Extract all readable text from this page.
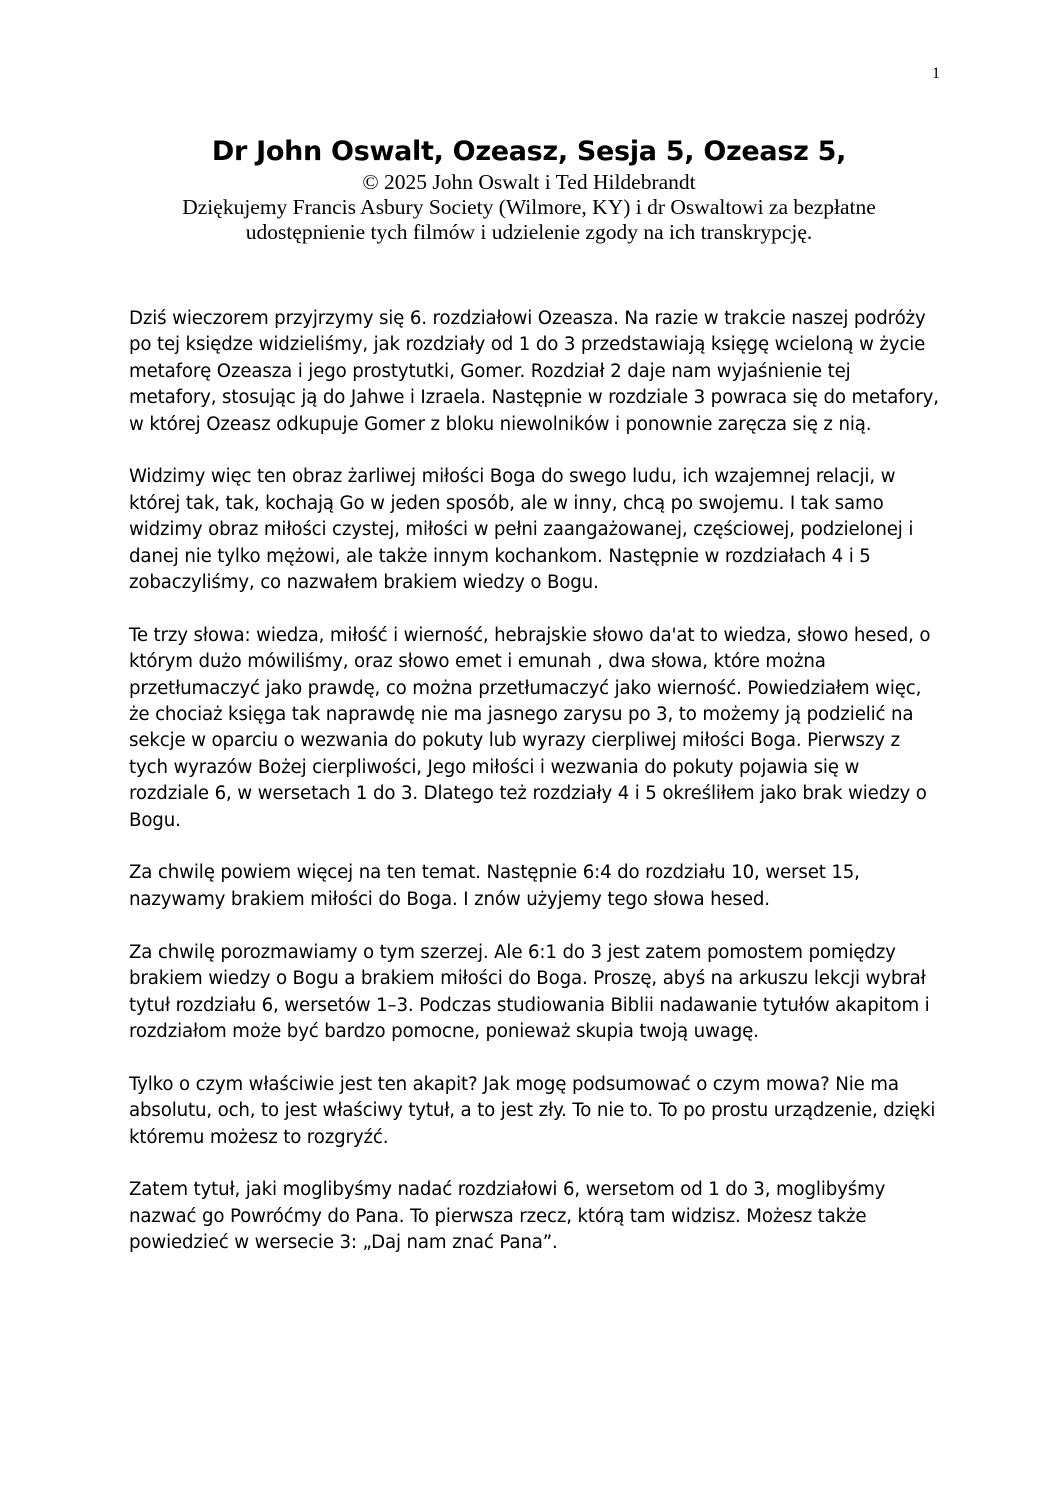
1
Dr John Oswalt, Ozeasz, Sesja 5, Ozeasz 5,

© 2025 John Oswalt i Ted Hildebrandt

Dziękujemy Francis Asbury Society (Wilmore, KY) i dr Oswaltowi za bezpłatne

udostępnienie tych filmów i udzielenie zgody na ich transkrypcję.

Dziś wieczorem przyjrzymy się 6. rozdziałowi Ozeasza. Na razie w trakcie naszej podróży po tej księdze widzieliśmy, jak rozdziały od 1 do 3 przedstawiają księgę wcieloną w życie metaforę Ozeasza i jego prostytutki, Gomer. Rozdział 2 daje nam wyjaśnienie tej metafory, stosując ją do Jahwe i Izraela. Następnie w rozdziale 3 powraca się do metafory, w której Ozeasz odkupuje Gomer z bloku niewolników i ponownie zaręcza się z nią.

Widzimy więc ten obraz żarliwej miłości Boga do swego ludu, ich wzajemnej relacji, w której tak, tak, kochają Go w jeden sposób, ale w inny, chcą po swojemu. I tak samo widzimy obraz miłości czystej, miłości w pełni zaangażowanej, częściowej, podzielonej i danej nie tylko mężowi, ale także innym kochankom. Następnie w rozdziałach 4 i 5 zobaczyliśmy, co nazwałem brakiem wiedzy o Bogu.

Te trzy słowa: wiedza, miłość i wierność, hebrajskie słowo da'at to wiedza, słowo hesed, o którym dużo mówiliśmy, oraz słowo emet i emunah , dwa słowa, które można przetłumaczyć jako prawdę, co można przetłumaczyć jako wierność. Powiedziałem więc, że chociaż księga tak naprawdę nie ma jasnego zarysu po 3, to możemy ją podzielić na sekcje w oparciu o wezwania do pokuty lub wyrazy cierpliwej miłości Boga. Pierwszy z tych wyrazów Bożej cierpliwości, Jego miłości i wezwania do pokuty pojawia się w rozdziale 6, w wersetach 1 do 3. Dlatego też rozdziały 4 i 5 określiłem jako brak wiedzy o Bogu.

Za chwilę powiem więcej na ten temat. Następnie 6:4 do rozdziału 10, werset 15, nazywamy brakiem miłości do Boga. I znów użyjemy tego słowa hesed.

Za chwilę porozmawiamy o tym szerzej. Ale 6:1 do 3 jest zatem pomostem pomiędzy brakiem wiedzy o Bogu a brakiem miłości do Boga. Proszę, abyś na arkuszu lekcji wybrał tytuł rozdziału 6, wersetów 1–3. Podczas studiowania Biblii nadawanie tytułów akapitom i rozdziałom może być bardzo pomocne, ponieważ skupia twoją uwagę.

Tylko o czym właściwie jest ten akapit? Jak mogę podsumować o czym mowa? Nie ma absolutu, och, to jest właściwy tytuł, a to jest zły. To nie to. To po prostu urządzenie, dzięki któremu możesz to rozgryźć.

Zatem tytuł, jaki moglibyśmy nadać rozdziałowi 6, wersetom od 1 do 3, moglibyśmy nazwać go Powróćmy do Pana. To pierwsza rzecz, którą tam widzisz. Możesz także powiedzieć w wersecie 3: „Daj nam znać Pana”.
